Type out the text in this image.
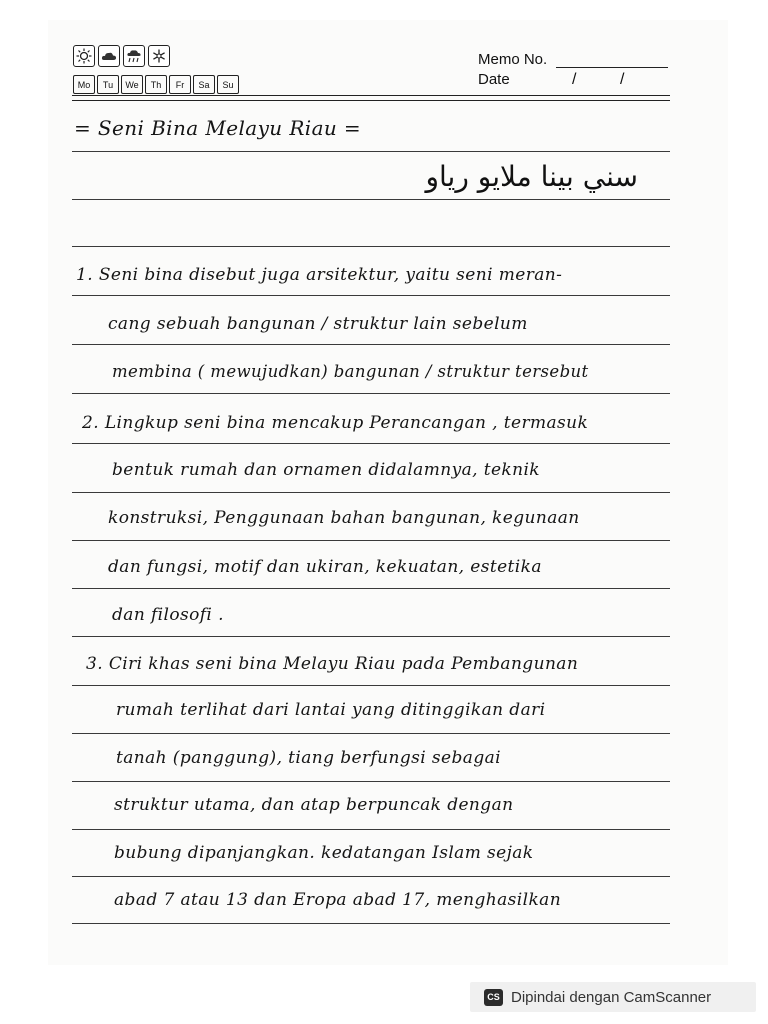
Mo	Tu	We	Th	Fr	Sa	Su
Memo No.
Date	/	/
= Seni Bina Melayu Riau =
سني بينا ملايو رياو
1. Seni bina disebut juga arsitektur, yaitu seni meran-
cang sebuah bangunan / struktur lain sebelum
membina ( mewujudkan) bangunan / struktur tersebut
2. Lingkup seni bina mencakup Perancangan , termasuk
bentuk rumah dan ornamen didalamnya, teknik
konstruksi, Penggunaan bahan bangunan, kegunaan
dan fungsi, motif dan ukiran, kekuatan, estetika
dan filosofi .
3. Ciri khas seni bina Melayu Riau pada Pembangunan
rumah terlihat dari lantai yang ditinggikan dari
tanah (panggung), tiang berfungsi sebagai
struktur utama, dan atap berpuncak dengan
bubung dipanjangkan. kedatangan Islam sejak
abad 7 atau 13 dan Eropa abad 17, menghasilkan
CS Dipindai dengan CamScanner
